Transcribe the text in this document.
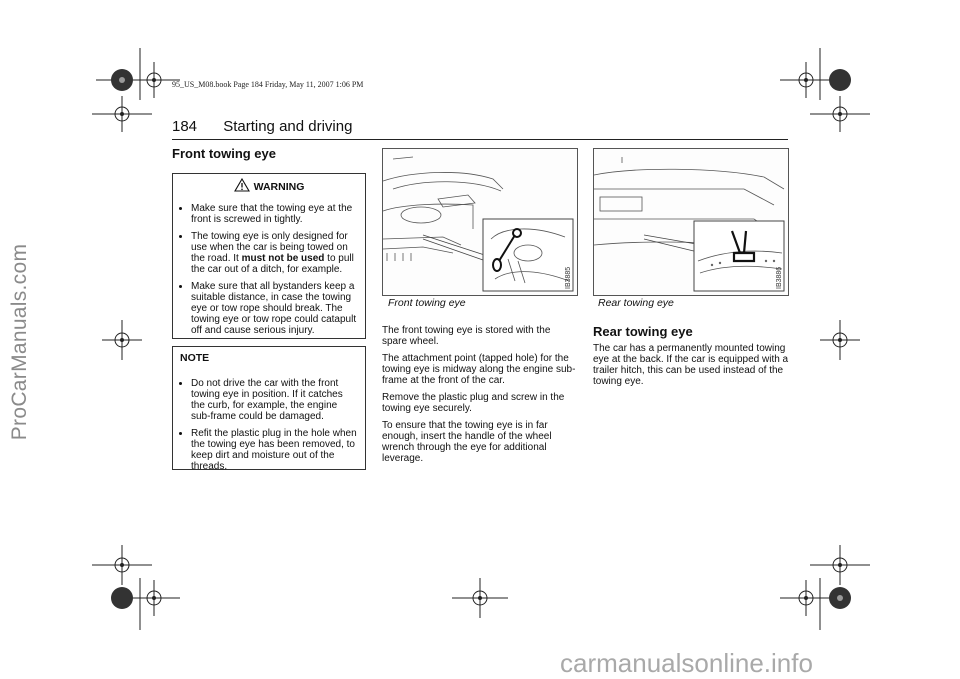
ProCarManuals.com
carmanualsonline.info
95_US_M08.book Page 184 Friday, May 11, 2007 1:06 PM
184 Starting and driving
Front towing eye
WARNING
• Make sure that the towing eye at the front is screwed in tightly.
• The towing eye is only designed for use when the car is being towed on the road. It must not be used to pull the car out of a ditch, for example.
• Make sure that all bystanders keep a suitable distance, in case the towing eye or tow rope should break. The towing eye or tow rope could catapult off and cause serious injury.
NOTE
• Do not drive the car with the front towing eye in position. If it catches the curb, for example, the engine sub-frame could be damaged.
• Refit the plastic plug in the hole when the towing eye has been removed, to keep dirt and moisture out of the threads.
IB3885
Front towing eye

The front towing eye is stored with the spare wheel.

The attachment point (tapped hole) for the towing eye is midway along the engine sub-frame at the front of the car.

Remove the plastic plug and screw in the towing eye securely.

To ensure that the towing eye is in far enough, insert the handle of the wheel wrench through the eye for additional leverage.

IB3886
Rear towing eye
Rear towing eye

The car has a permanently mounted towing eye at the back. If the car is equipped with a trailer hitch, this can be used instead of the towing eye.
